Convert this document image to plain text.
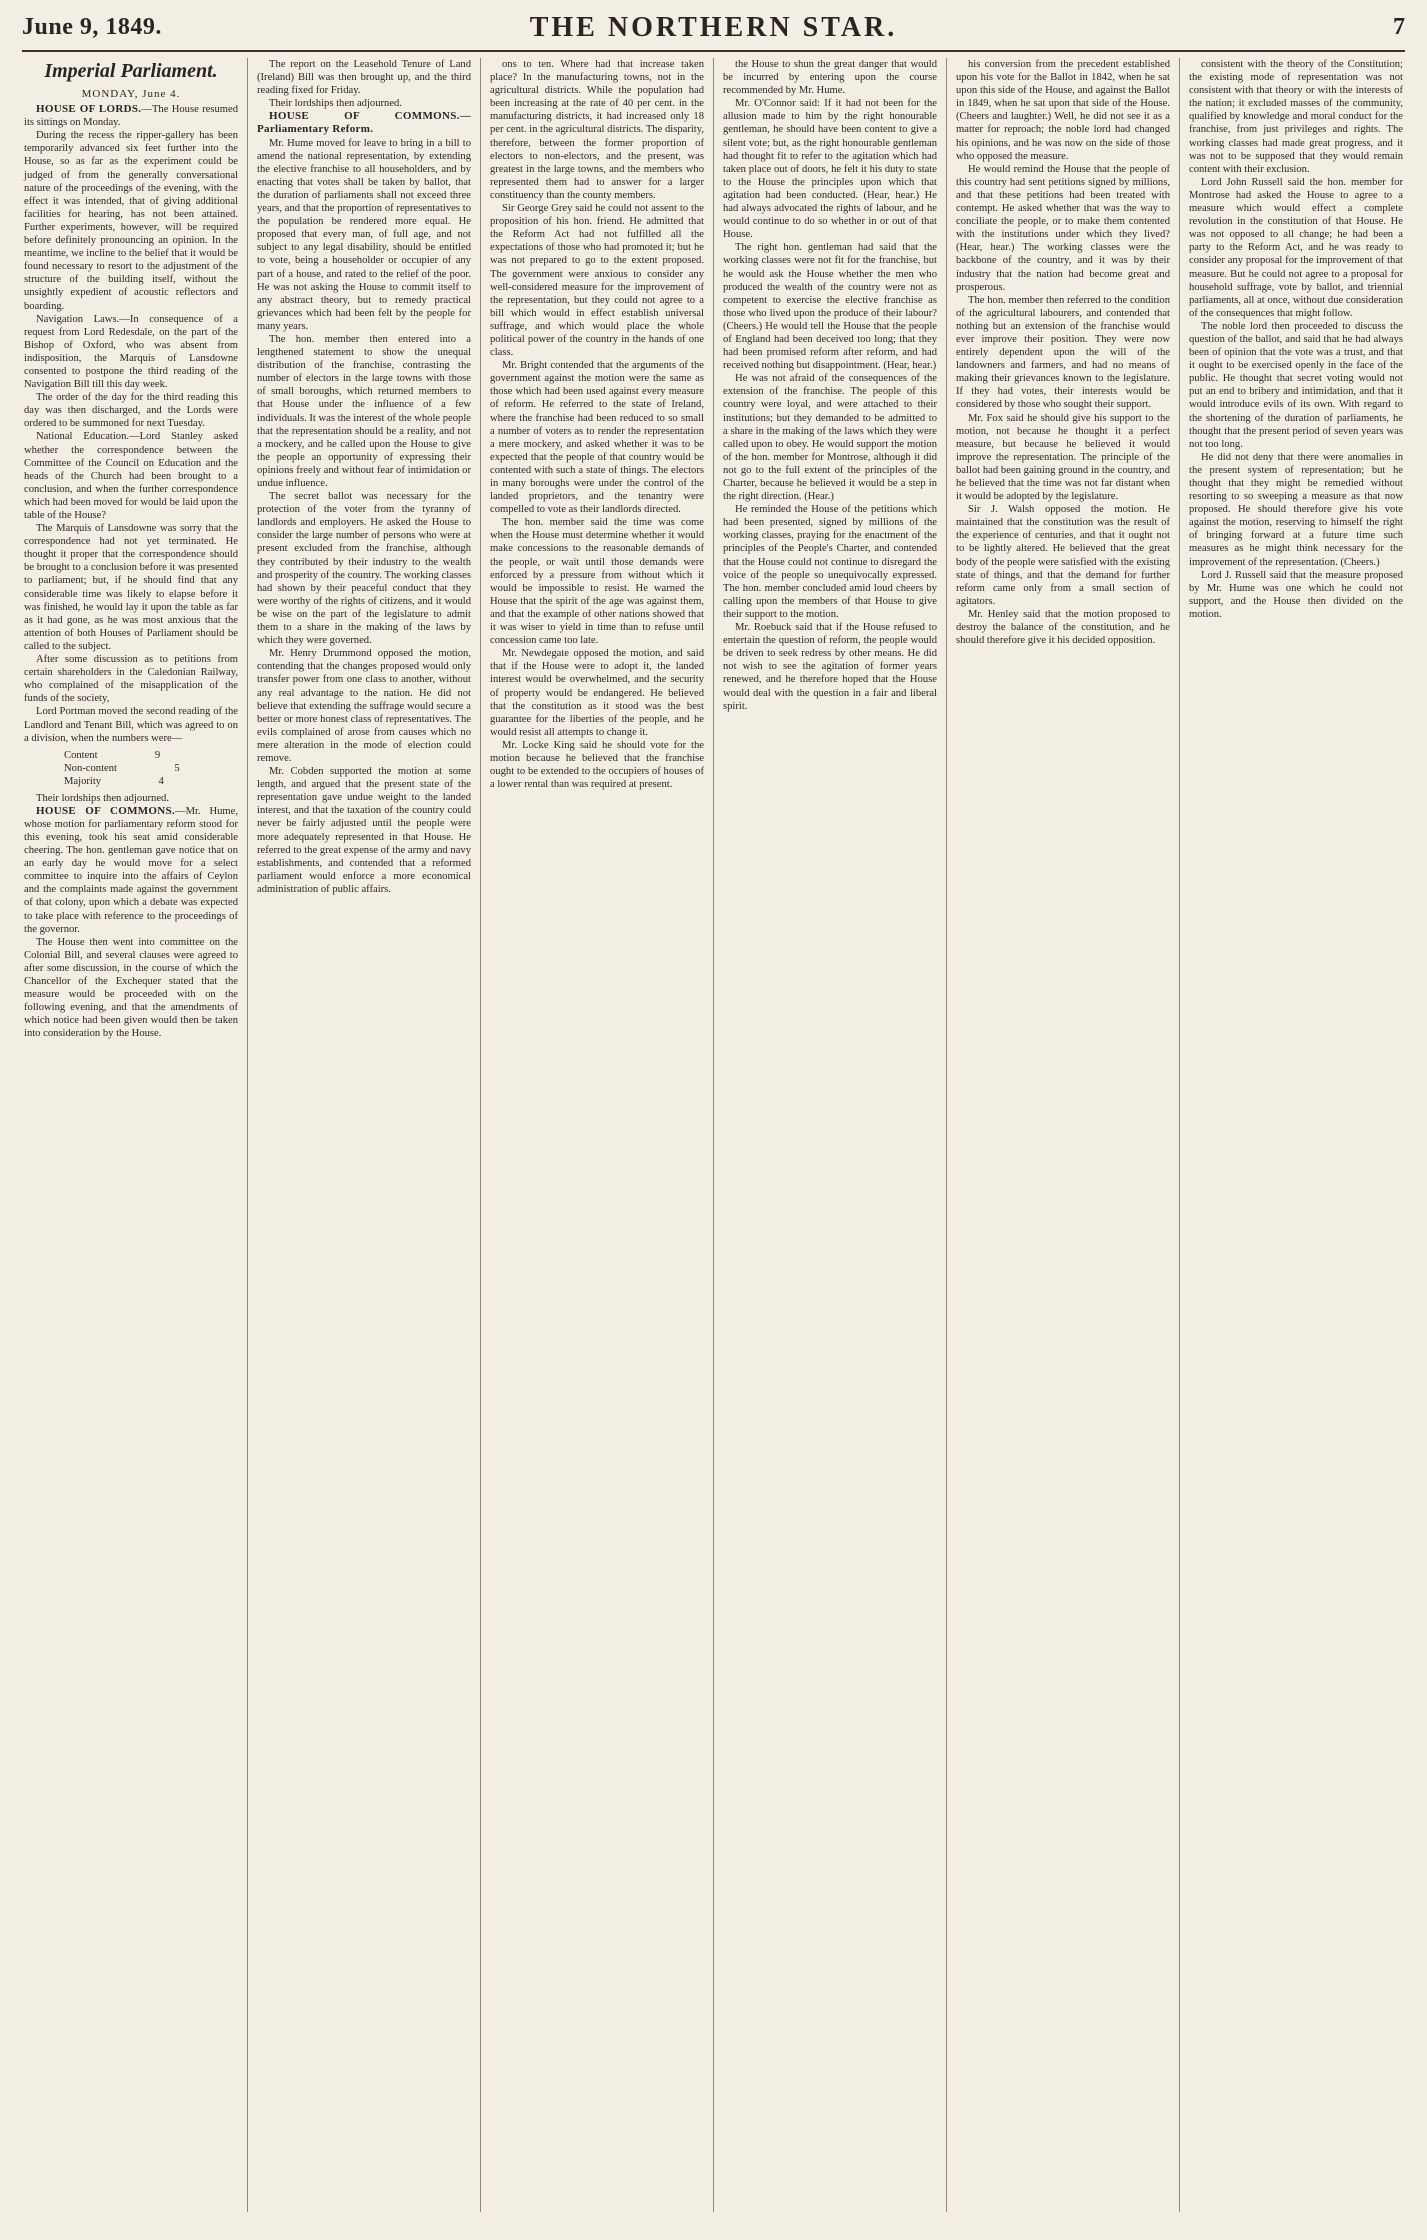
June 9, 1849.	THE NORTHERN STAR.	7
Imperial Parliament.
MONDAY, June 4.

HOUSE OF LORDS.—The House resumed its sittings on Monday.

During the recess the ripper-gallery has been temporarily advanced six feet further into the House, so as far as the experiment could be judged of from the generally conversational nature of the proceedings of the evening, with the effect it was intended, that of giving additional facilities for hearing, has not been attained. Further experiments, however, will be required before definitely pronouncing an opinion. In the meantime, we incline to the belief that it would be found necessary to resort to the adjustment of the structure of the building itself, without the unsightly expedient of acoustic reflectors and boarding.

Navigation Laws.—In consequence of a request from Lord Redesdale, on the part of the Bishop of Oxford, who was absent from indisposition, the Marquis of Lansdowne consented to postpone the third reading of the Navigation Bill till this day week.

The order of the day for the third reading this day was then discharged, and the Lords were ordered to be summoned for next Tuesday.

National Education.—Lord Stanley asked whether the correspondence between the Committee of the Council on Education and the heads of the Church had been brought to a conclusion, and when the further correspondence which had been moved for would be laid upon the table of the House?

The Marquis of Lansdowne was sorry that the correspondence had not yet terminated. He thought it proper that the correspondence should be brought to a conclusion before it was presented to parliament; but, if he should find that any considerable time was likely to elapse before it was finished, he would lay it upon the table as far as it had gone, as he was most anxious that the attention of both Houses of Parliament should be called to the subject.

After some discussion as to petitions from certain shareholders in the Caledonian Railway, who complained of the misapplication of the funds of the society,

Lord Portman moved the second reading of the Landlord and Tenant Bill, which was agreed to on a division, when the numbers were—

Content	9
Non-content	5
Majority	4

Their lordships then adjourned.

HOUSE OF COMMONS.—Mr. Hume, whose motion for parliamentary reform stood for this evening, took his seat amid considerable cheering. The hon. gentleman gave notice that on an early day he would move for a select committee to inquire into the affairs of Ceylon and the complaints made against the government of that colony, upon which a debate was expected to take place with reference to the proceedings of the governor.

The House then went into committee on the Colonial Bill, and several clauses were agreed to after some discussion, in the course of which the Chancellor of the Exchequer stated that the measure would be proceeded with on the following evening, and that the amendments of which notice had been given would then be taken into consideration by the House.

The report on the Leasehold Tenure of Land (Ireland) Bill was then brought up, and the third reading fixed for Friday.

Their lordships then adjourned.

HOUSE OF COMMONS.—Parliamentary Reform.

Mr. Hume moved for leave to bring in a bill to amend the national representation, by extending the elective franchise to all householders, and by enacting that votes shall be taken by ballot, that the duration of parliaments shall not exceed three years, and that the proportion of representatives to the population be rendered more equal. He proposed that every man, of full age, and not subject to any legal disability, should be entitled to vote, being a householder or occupier of any part of a house, and rated to the relief of the poor. He was not asking the House to commit itself to any abstract theory, but to remedy practical grievances which had been felt by the people for many years.

The hon. member then entered into a lengthened statement to show the unequal distribution of the franchise, contrasting the number of electors in the large towns with those of small boroughs, which returned members to that House under the influence of a few individuals. It was the interest of the whole people that the representation should be a reality, and not a mockery, and he called upon the House to give the people an opportunity of expressing their opinions freely and without fear of intimidation or undue influence.

The secret ballot was necessary for the protection of the voter from the tyranny of landlords and employers. He asked the House to consider the large number of persons who were at present excluded from the franchise, although they contributed by their industry to the wealth and prosperity of the country. The working classes had shown by their peaceful conduct that they were worthy of the rights of citizens, and it would be wise on the part of the legislature to admit them to a share in the making of the laws by which they were governed.

Mr. Henry Drummond opposed the motion, contending that the changes proposed would only transfer power from one class to another, without any real advantage to the nation. He did not believe that extending the suffrage would secure a better or more honest class of representatives. The evils complained of arose from causes which no mere alteration in the mode of election could remove.

Mr. Cobden supported the motion at some length, and argued that the present state of the representation gave undue weight to the landed interest, and that the taxation of the country could never be fairly adjusted until the people were more adequately represented in that House. He referred to the great expense of the army and navy establishments, and contended that a reformed parliament would enforce a more economical administration of public affairs.

ons to ten. Where had that increase taken place? In the manufacturing towns, not in the agricultural districts. While the population had been increasing at the rate of 40 per cent. in the manufacturing districts, it had increased only 18 per cent. in the agricultural districts. The disparity, therefore, between the former proportion of electors to non-electors, and the present, was greatest in the large towns, and the members who represented them had to answer for a larger constituency than the county members.

Sir George Grey said he could not assent to the proposition of his hon. friend. He admitted that the Reform Act had not fulfilled all the expectations of those who had promoted it; but he was not prepared to go to the extent proposed. The government were anxious to consider any well-considered measure for the improvement of the representation, but they could not agree to a bill which would in effect establish universal suffrage, and which would place the whole political power of the country in the hands of one class.

Mr. Bright contended that the arguments of the government against the motion were the same as those which had been used against every measure of reform. He referred to the state of Ireland, where the franchise had been reduced to so small a number of voters as to render the representation a mere mockery, and asked whether it was to be expected that the people of that country would be contented with such a state of things. The electors in many boroughs were under the control of the landed proprietors, and the tenantry were compelled to vote as their landlords directed.

The hon. member said the time was come when the House must determine whether it would make concessions to the reasonable demands of the people, or wait until those demands were enforced by a pressure from without which it would be impossible to resist. He warned the House that the spirit of the age was against them, and that the example of other nations showed that it was wiser to yield in time than to refuse until concession came too late.

Mr. Newdegate opposed the motion, and said that if the House were to adopt it, the landed interest would be overwhelmed, and the security of property would be endangered. He believed that the constitution as it stood was the best guarantee for the liberties of the people, and he would resist all attempts to change it.

Mr. Locke King said he should vote for the motion because he believed that the franchise ought to be extended to the occupiers of houses of a lower rental than was required at present.

the House to shun the great danger that would be incurred by entering upon the course recommended by Mr. Hume.

Mr. O'Connor said: If it had not been for the allusion made to him by the right honourable gentleman, he should have been content to give a silent vote; but, as the right honourable gentleman had thought fit to refer to the agitation which had taken place out of doors, he felt it his duty to state to the House the principles upon which that agitation had been conducted. (Hear, hear.) He had always advocated the rights of labour, and he would continue to do so whether in or out of that House.

The right hon. gentleman had said that the working classes were not fit for the franchise, but he would ask the House whether the men who produced the wealth of the country were not as competent to exercise the elective franchise as those who lived upon the produce of their labour? (Cheers.) He would tell the House that the people of England had been deceived too long; that they had been promised reform after reform, and had received nothing but disappointment. (Hear, hear.)

He was not afraid of the consequences of the extension of the franchise. The people of this country were loyal, and were attached to their institutions; but they demanded to be admitted to a share in the making of the laws which they were called upon to obey. He would support the motion of the hon. member for Montrose, although it did not go to the full extent of the principles of the Charter, because he believed it would be a step in the right direction. (Hear.)

He reminded the House of the petitions which had been presented, signed by millions of the working classes, praying for the enactment of the principles of the People's Charter, and contended that the House could not continue to disregard the voice of the people so unequivocally expressed. The hon. member concluded amid loud cheers by calling upon the members of that House to give their support to the motion.

Mr. Roebuck said that if the House refused to entertain the question of reform, the people would be driven to seek redress by other means. He did not wish to see the agitation of former years renewed, and he therefore hoped that the House would deal with the question in a fair and liberal spirit.

his conversion from the precedent established upon his vote for the Ballot in 1842, when he sat upon this side of the House, and against the Ballot in 1849, when he sat upon that side of the House. (Cheers and laughter.) Well, he did not see it as a matter for reproach; the noble lord had changed his opinions, and he was now on the side of those who opposed the measure.

He would remind the House that the people of this country had sent petitions signed by millions, and that these petitions had been treated with contempt. He asked whether that was the way to conciliate the people, or to make them contented with the institutions under which they lived? (Hear, hear.) The working classes were the backbone of the country, and it was by their industry that the nation had become great and prosperous.

The hon. member then referred to the condition of the agricultural labourers, and contended that nothing but an extension of the franchise would ever improve their position. They were now entirely dependent upon the will of the landowners and farmers, and had no means of making their grievances known to the legislature. If they had votes, their interests would be considered by those who sought their support.

Mr. Fox said he should give his support to the motion, not because he thought it a perfect measure, but because he believed it would improve the representation. The principle of the ballot had been gaining ground in the country, and he believed that the time was not far distant when it would be adopted by the legislature.

Sir J. Walsh opposed the motion. He maintained that the constitution was the result of the experience of centuries, and that it ought not to be lightly altered. He believed that the great body of the people were satisfied with the existing state of things, and that the demand for further reform came only from a small section of agitators.

Mr. Henley said that the motion proposed to destroy the balance of the constitution, and he should therefore give it his decided opposition.

consistent with the theory of the Constitution; the existing mode of representation was not consistent with that theory or with the interests of the nation; it excluded masses of the community, qualified by knowledge and moral conduct for the franchise, from just privileges and rights. The working classes had made great progress, and it was not to be supposed that they would remain content with their exclusion.

Lord John Russell said the hon. member for Montrose had asked the House to agree to a measure which would effect a complete revolution in the constitution of that House. He was not opposed to all change; he had been a party to the Reform Act, and he was ready to consider any proposal for the improvement of that measure. But he could not agree to a proposal for household suffrage, vote by ballot, and triennial parliaments, all at once, without due consideration of the consequences that might follow.

The noble lord then proceeded to discuss the question of the ballot, and said that he had always been of opinion that the vote was a trust, and that it ought to be exercised openly in the face of the public. He thought that secret voting would not put an end to bribery and intimidation, and that it would introduce evils of its own. With regard to the shortening of the duration of parliaments, he thought that the present period of seven years was not too long.

He did not deny that there were anomalies in the present system of representation; but he thought that they might be remedied without resorting to so sweeping a measure as that now proposed. He should therefore give his vote against the motion, reserving to himself the right of bringing forward at a future time such measures as he might think necessary for the improvement of the representation. (Cheers.)

Lord J. Russell said that the measure proposed by Mr. Hume was one which he could not support, and the House then divided on the motion.
